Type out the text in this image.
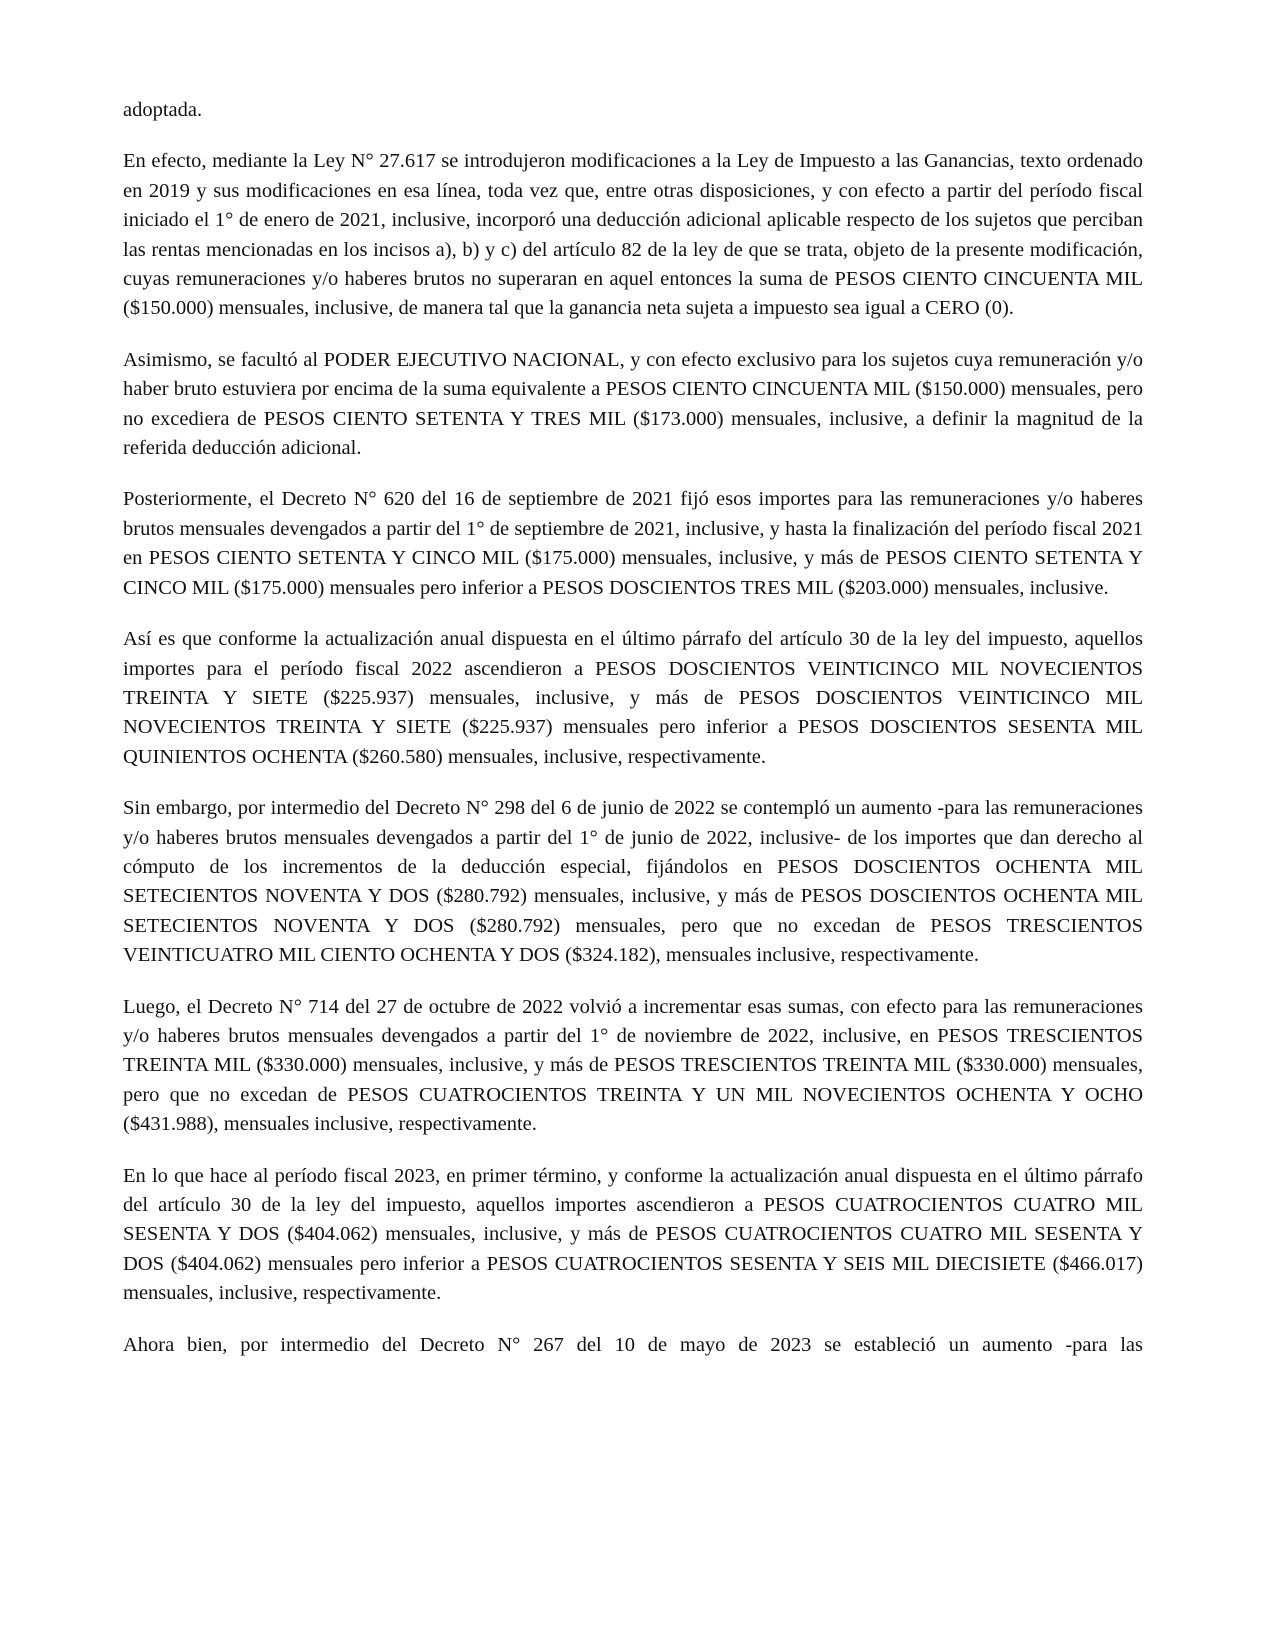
adoptada.

En efecto, mediante la Ley N° 27.617 se introdujeron modificaciones a la Ley de Impuesto a las Ganancias, texto ordenado en 2019 y sus modificaciones en esa línea, toda vez que, entre otras disposiciones, y con efecto a partir del período fiscal iniciado el 1° de enero de 2021, inclusive, incorporó una deducción adicional aplicable respecto de los sujetos que perciban las rentas mencionadas en los incisos a), b) y c) del artículo 82 de la ley de que se trata, objeto de la presente modificación, cuyas remuneraciones y/o haberes brutos no superaran en aquel entonces la suma de PESOS CIENTO CINCUENTA MIL ($150.000) mensuales, inclusive, de manera tal que la ganancia neta sujeta a impuesto sea igual a CERO (0).

Asimismo, se facultó al PODER EJECUTIVO NACIONAL, y con efecto exclusivo para los sujetos cuya remuneración y/o haber bruto estuviera por encima de la suma equivalente a PESOS CIENTO CINCUENTA MIL ($150.000) mensuales, pero no excediera de PESOS CIENTO SETENTA Y TRES MIL ($173.000) mensuales, inclusive, a definir la magnitud de la referida deducción adicional.

Posteriormente, el Decreto N° 620 del 16 de septiembre de 2021 fijó esos importes para las remuneraciones y/o haberes brutos mensuales devengados a partir del 1° de septiembre de 2021, inclusive, y hasta la finalización del período fiscal 2021 en PESOS CIENTO SETENTA Y CINCO MIL ($175.000) mensuales, inclusive, y más de PESOS CIENTO SETENTA Y CINCO MIL ($175.000) mensuales pero inferior a PESOS DOSCIENTOS TRES MIL ($203.000) mensuales, inclusive.

Así es que conforme la actualización anual dispuesta en el último párrafo del artículo 30 de la ley del impuesto, aquellos importes para el período fiscal 2022 ascendieron a PESOS DOSCIENTOS VEINTICINCO MIL NOVECIENTOS TREINTA Y SIETE ($225.937) mensuales, inclusive, y más de PESOS DOSCIENTOS VEINTICINCO MIL NOVECIENTOS TREINTA Y SIETE ($225.937) mensuales pero inferior a PESOS DOSCIENTOS SESENTA MIL QUINIENTOS OCHENTA ($260.580) mensuales, inclusive, respectivamente.

Sin embargo, por intermedio del Decreto N° 298 del 6 de junio de 2022 se contempló un aumento -para las remuneraciones y/o haberes brutos mensuales devengados a partir del 1° de junio de 2022, inclusive- de los importes que dan derecho al cómputo de los incrementos de la deducción especial, fijándolos en PESOS DOSCIENTOS OCHENTA MIL SETECIENTOS NOVENTA Y DOS ($280.792) mensuales, inclusive, y más de PESOS DOSCIENTOS OCHENTA MIL SETECIENTOS NOVENTA Y DOS ($280.792) mensuales, pero que no excedan de PESOS TRESCIENTOS VEINTICUATRO MIL CIENTO OCHENTA Y DOS ($324.182), mensuales inclusive, respectivamente.

Luego, el Decreto N° 714 del 27 de octubre de 2022 volvió a incrementar esas sumas, con efecto para las remuneraciones y/o haberes brutos mensuales devengados a partir del 1° de noviembre de 2022, inclusive, en PESOS TRESCIENTOS TREINTA MIL ($330.000) mensuales, inclusive, y más de PESOS TRESCIENTOS TREINTA MIL ($330.000) mensuales, pero que no excedan de PESOS CUATROCIENTOS TREINTA Y UN MIL NOVECIENTOS OCHENTA Y OCHO ($431.988), mensuales inclusive, respectivamente.

En lo que hace al período fiscal 2023, en primer término, y conforme la actualización anual dispuesta en el último párrafo del artículo 30 de la ley del impuesto, aquellos importes ascendieron a PESOS CUATROCIENTOS CUATRO MIL SESENTA Y DOS ($404.062) mensuales, inclusive, y más de PESOS CUATROCIENTOS CUATRO MIL SESENTA Y DOS ($404.062) mensuales pero inferior a PESOS CUATROCIENTOS SESENTA Y SEIS MIL DIECISIETE ($466.017) mensuales, inclusive, respectivamente.

Ahora bien, por intermedio del Decreto N° 267 del 10 de mayo de 2023 se estableció un aumento -para las
